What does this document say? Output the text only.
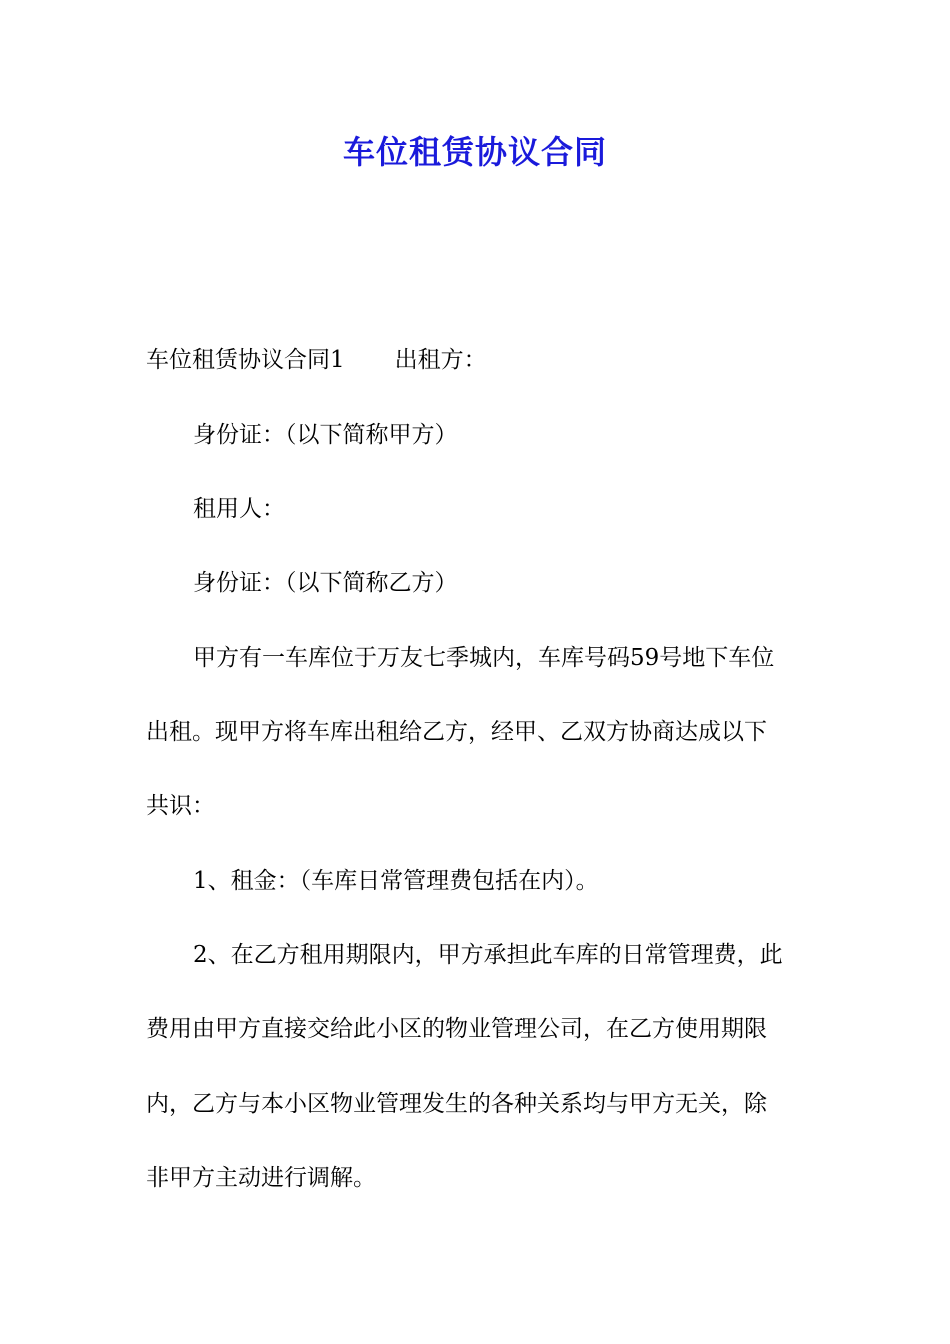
车位租赁协议合同
车位租赁协议合同1 出租方：
身份证：（以下简称甲方）
租用人：
身份证：（以下简称乙方）
甲方有一车库位于万友七季城内，车库号码59号地下车位
出租。现甲方将车库出租给乙方，经甲、乙双方协商达成以下
共识：
1、租金：（车库日常管理费包括在内）。
2、在乙方租用期限内，甲方承担此车库的日常管理费，此
费用由甲方直接交给此小区的物业管理公司，在乙方使用期限
内，乙方与本小区物业管理发生的各种关系均与甲方无关，除
非甲方主动进行调解。
